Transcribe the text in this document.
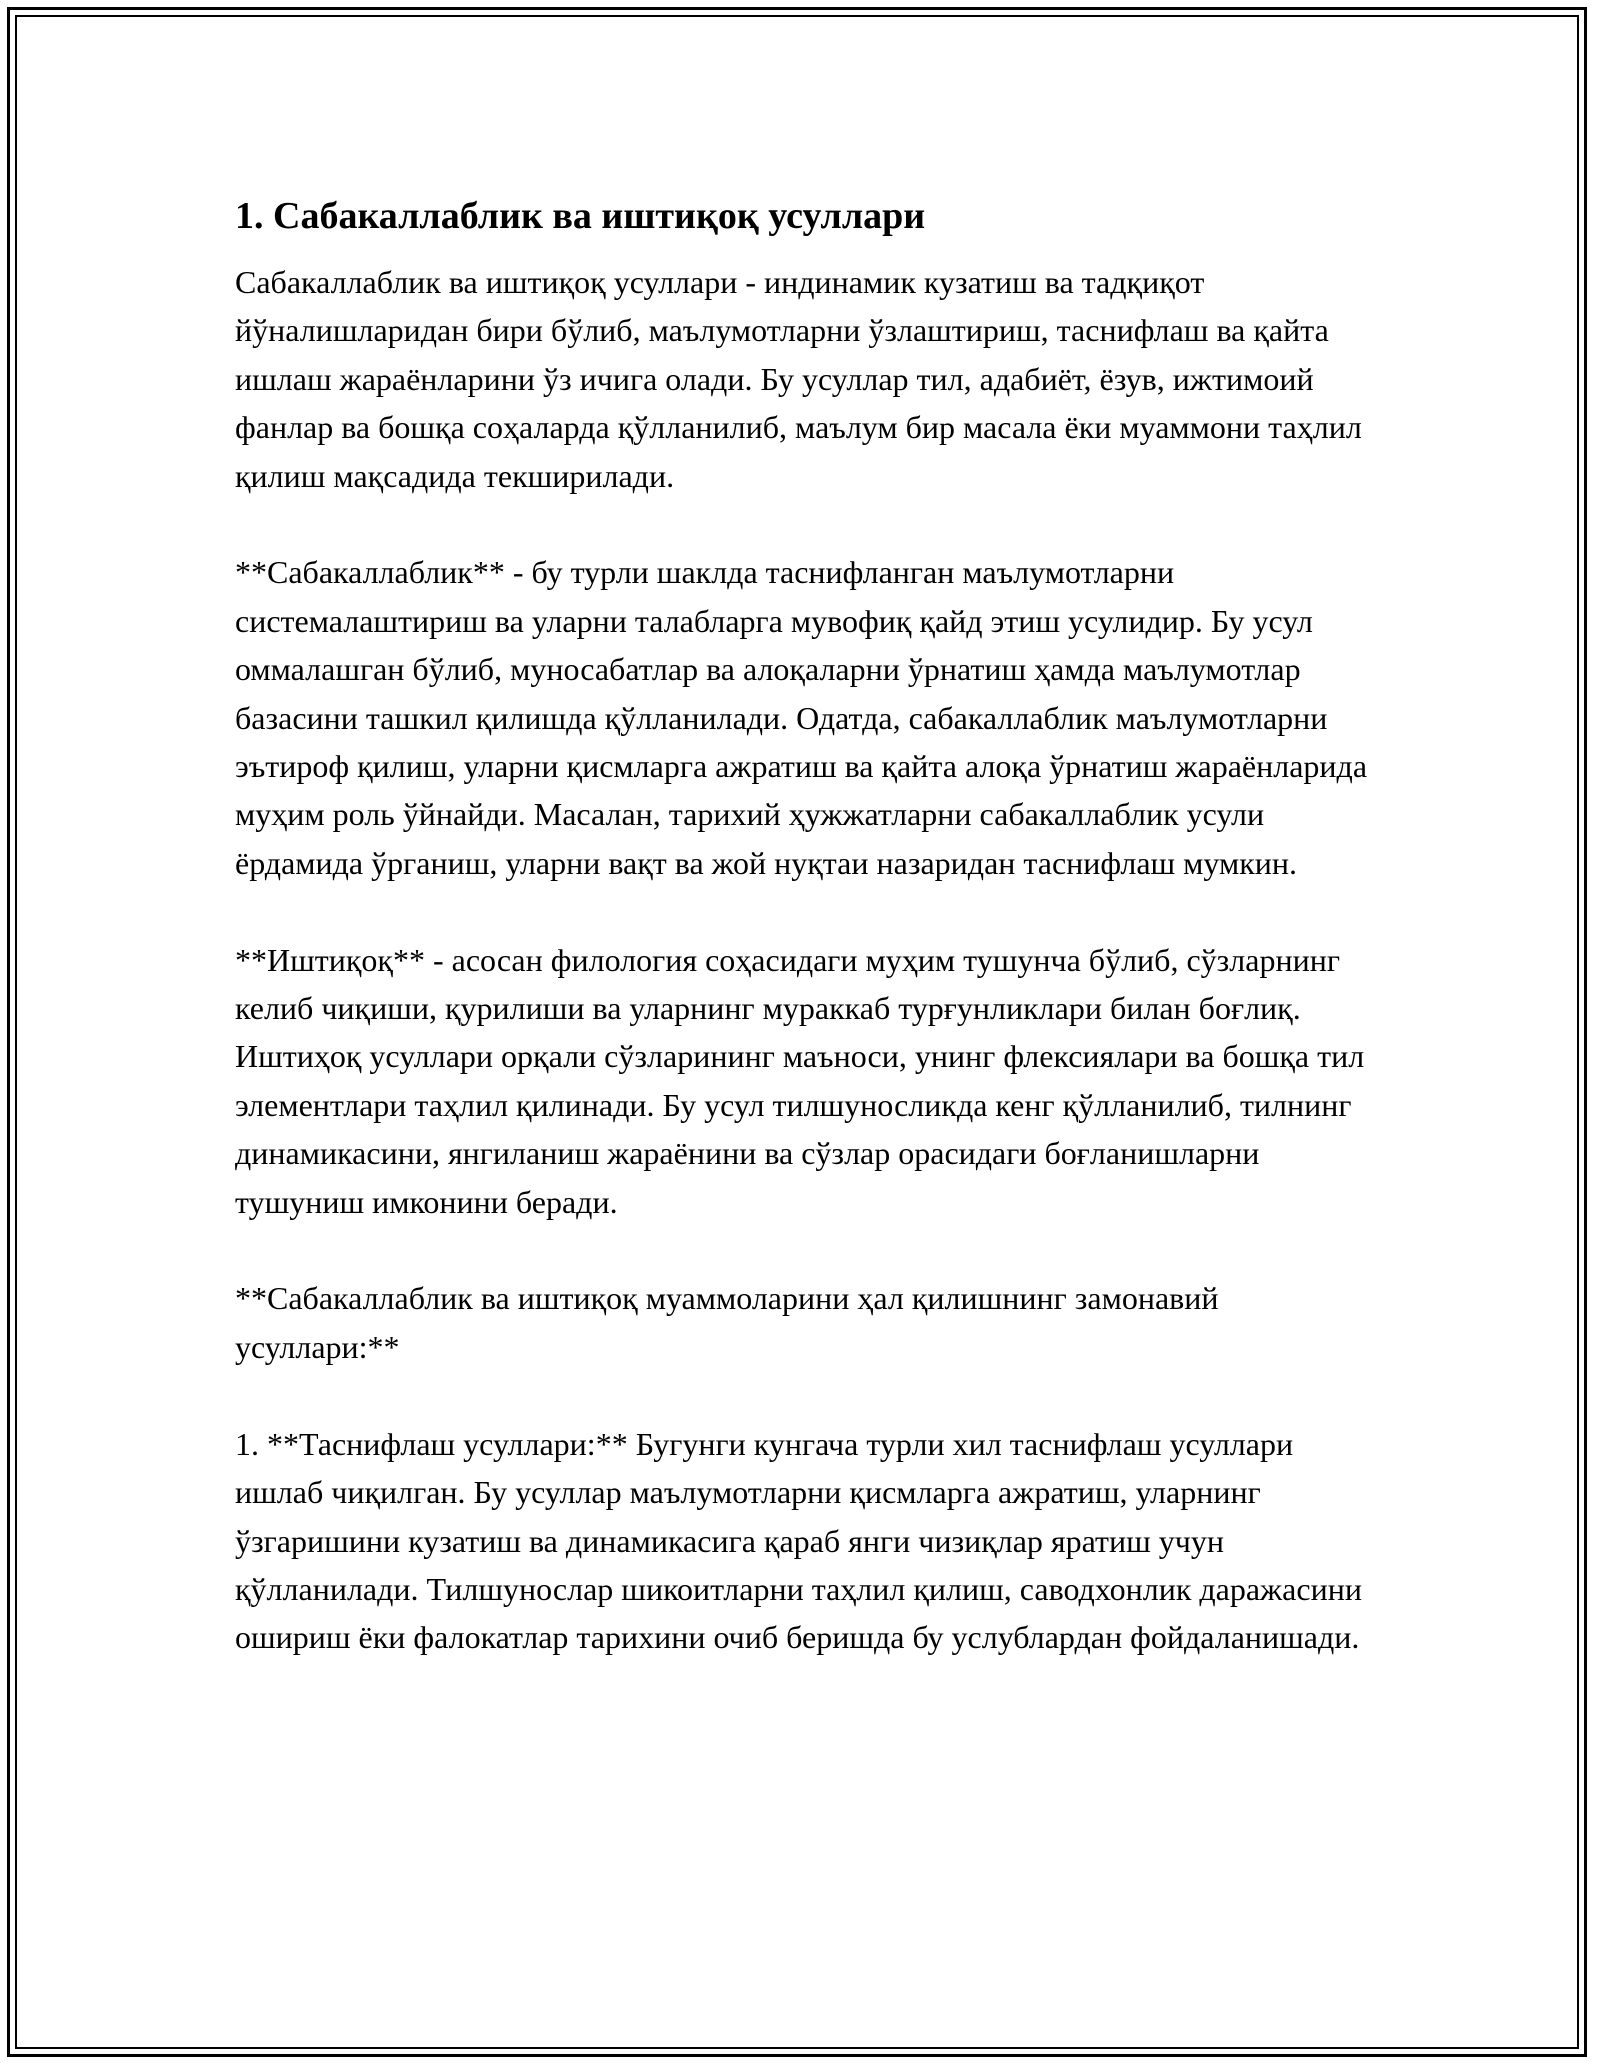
1. Сабакаллаблик ва иштиқоқ усуллари

Сабакаллаблик ва иштиқоқ усуллари - индинамик кузатиш ва тадқиқот йўналишларидан бири бўлиб, маълумотларни ўзлаштириш, таснифлаш ва қайта ишлаш жараёнларини ўз ичига олади. Бу усуллар тил, адабиёт, ёзув, ижтимоий фанлар ва бошқа соҳаларда қўлланилиб, маълум бир масала ёки муаммони таҳлил қилиш мақсадида текширилади.

**Сабакаллаблик** - бу турли шаклда таснифланган маълумотларни системалаштириш ва уларни талабларга мувофиқ қайд этиш усулидир. Бу усул оммалашган бўлиб, муносабатлар ва алоқаларни ўрнатиш ҳамда маълумотлар базасини ташкил қилишда қўлланилади. Одатда, сабакаллаблик маълумотларни эътироф қилиш, уларни қисмларга ажратиш ва қайта алоқа ўрнатиш жараёнларида муҳим роль ўйнайди. Масалан, тарихий ҳужжатларни сабакаллаблик усули ёрдамида ўрганиш, уларни вақт ва жой нуқтаи назаридан таснифлаш мумкин.

**Иштиқоқ** - асосан филология соҳасидаги муҳим тушунча бўлиб, сўзларнинг келиб чиқиши, қурилиши ва уларнинг мураккаб турғунликлари билан боғлиқ. Иштиҳоқ усуллари орқали сўзларининг маъноси, унинг флексиялари ва бошқа тил элементлари таҳлил қилинади. Бу усул тилшуносликда кенг қўлланилиб, тилнинг динамикасини, янгиланиш жараёнини ва сўзлар орасидаги боғланишларни тушуниш имконини беради.

**Сабакаллаблик ва иштиқоқ муаммоларини ҳал қилишнинг замонавий усуллари:**

1. **Таснифлаш усуллари:** Бугунги кунгача турли хил таснифлаш усуллари ишлаб чиқилган. Бу усуллар маълумотларни қисмларга ажратиш, уларнинг ўзгаришини кузатиш ва динамикасига қараб янги чизиқлар яратиш учун қўлланилади. Тилшунослар шикоитларни таҳлил қилиш, саводхонлик даражасини ошириш ёки фалокатлар тарихини очиб беришда бу услублардан фойдаланишади.
